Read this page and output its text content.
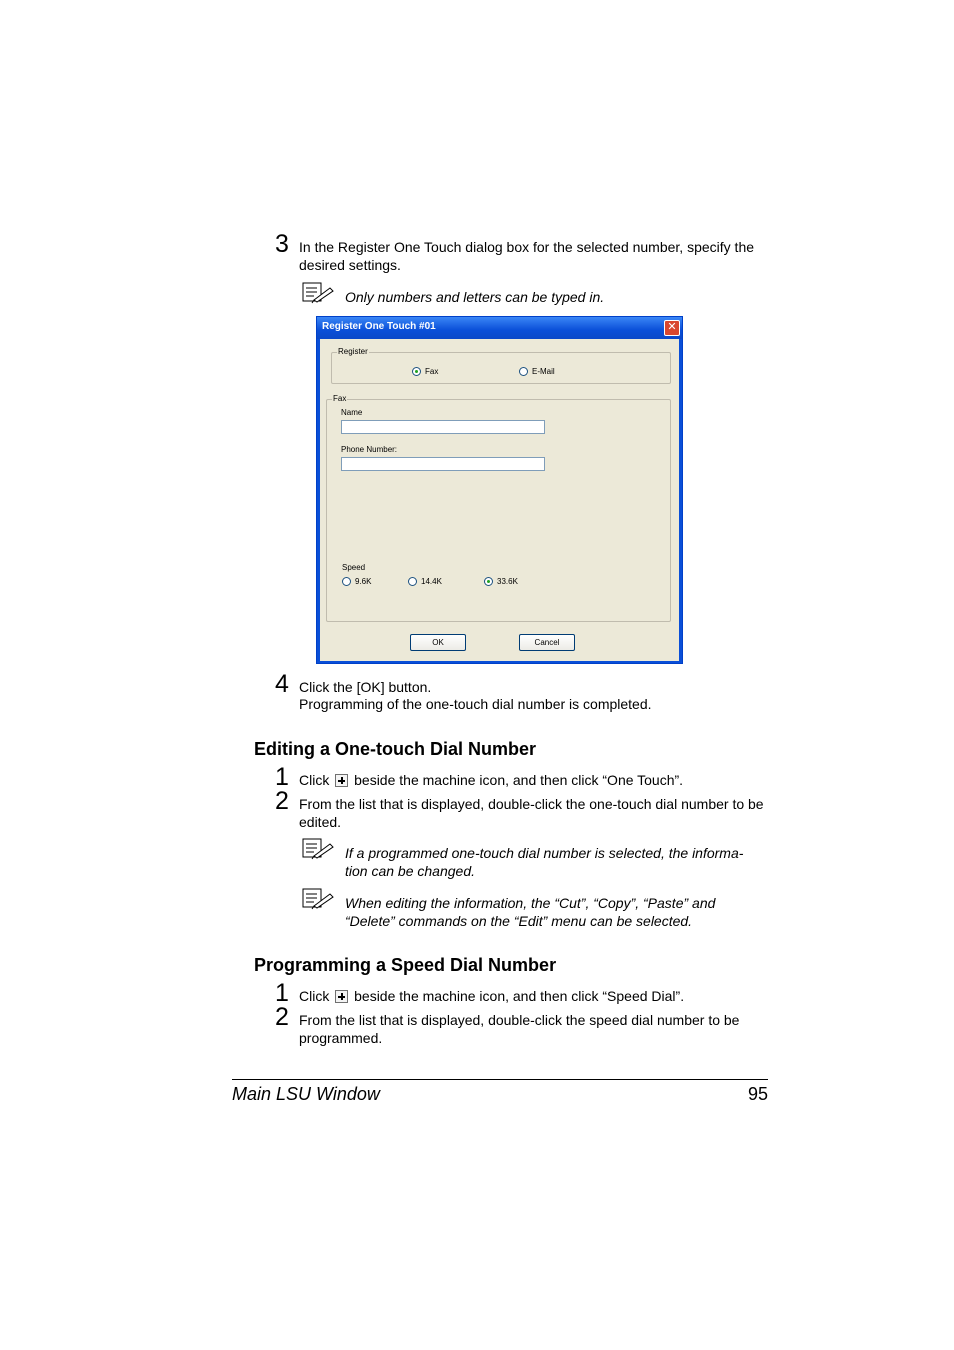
3 In the Register One Touch dialog box for the selected number, specify the desired settings.
Only numbers and letters can be typed in.
Register One Touch #01	✕
Register
Fax	E-Mail
Fax
Name
Phone Number:
Speed
9.6K	14.4K	33.6K
OK	Cancel
4 Click the [OK] button.
Programming of the one-touch dial number is completed.
Editing a One-touch Dial Number
1 Click beside the machine icon, and then click “One Touch”.
2 From the list that is displayed, double-click the one-touch dial number to be edited.
If a programmed one-touch dial number is selected, the informa-tion can be changed.
When editing the information, the “Cut”, “Copy”, “Paste” and “Delete” commands on the “Edit” menu can be selected.
Programming a Speed Dial Number
1 Click beside the machine icon, and then click “Speed Dial”.
2 From the list that is displayed, double-click the speed dial number to be programmed.
Main LSU Window	95
